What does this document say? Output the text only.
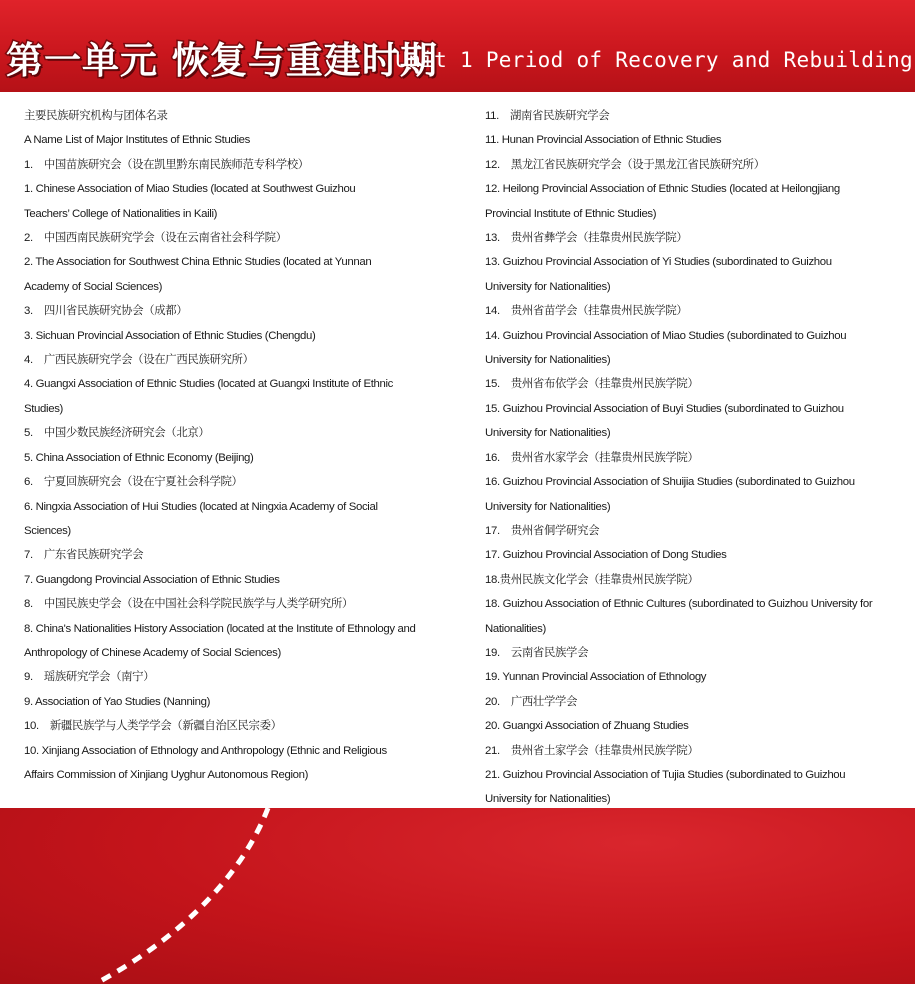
第一单元 恢复与重建时期
Unit 1 Period of Recovery and Rebuilding
主要民族研究机构与团体名录
A Name List of Major Institutes of Ethnic Studies
1.　中国苗族研究会（设在凯里黔东南民族师范专科学校）
1. Chinese Association of Miao Studies (located at Southwest Guizhou
Teachers’ College of Nationalities in Kaili)
2.　中国西南民族研究学会（设在云南省社会科学院）
2. The Association for Southwest China Ethnic Studies (located at Yunnan
Academy of Social Sciences)
3.　四川省民族研究协会（成都）
3. Sichuan Provincial Association of Ethnic Studies (Chengdu)
4.　广西民族研究学会（设在广西民族研究所）
4. Guangxi Association of Ethnic Studies (located at Guangxi Institute of Ethnic
Studies)
5.　中国少数民族经济研究会（北京）
5. China Association of Ethnic Economy (Beijing)
6.　宁夏回族研究会（设在宁夏社会科学院）
6. Ningxia Association of Hui Studies (located at Ningxia Academy of Social
Sciences)
7.　广东省民族研究学会
7. Guangdong Provincial Association of Ethnic Studies
8.　中国民族史学会（设在中国社会科学院民族学与人类学研究所）
8. China's Nationalities History Association (located at the Institute of Ethnology and
Anthropology of Chinese Academy of Social Sciences)
9.　瑶族研究学会（南宁）
9. Association of Yao Studies (Nanning)
10.　新疆民族学与人类学学会（新疆自治区民宗委）
10. Xinjiang Association of Ethnology and Anthropology (Ethnic and Religious
Affairs Commission of Xinjiang Uyghur Autonomous Region)
11.　湖南省民族研究学会
11. Hunan Provincial Association of Ethnic Studies
12.　黑龙江省民族研究学会（设于黑龙江省民族研究所）
12. Heilong Provincial Association of Ethnic Studies (located at Heilongjiang
Provincial Institute of Ethnic Studies)
13.　贵州省彝学会（挂靠贵州民族学院）
13. Guizhou Provincial Association of Yi Studies (subordinated to Guizhou
University for Nationalities)
14.　贵州省苗学会（挂靠贵州民族学院）
14. Guizhou Provincial Association of Miao Studies (subordinated to Guizhou
University for Nationalities)
15.　贵州省布依学会（挂靠贵州民族学院）
15. Guizhou Provincial Association of Buyi Studies (subordinated to Guizhou
University for Nationalities)
16.　贵州省水家学会（挂靠贵州民族学院）
16. Guizhou Provincial Association of Shuijia Studies (subordinated to Guizhou
University for Nationalities)
17.　贵州省侗学研究会
17. Guizhou Provincial Association of Dong Studies
18.贵州民族文化学会（挂靠贵州民族学院）
18. Guizhou Association of Ethnic Cultures (subordinated to Guizhou University for
Nationalities)
19.　云南省民族学会
19. Yunnan Provincial Association of Ethnology
20.　广西壮学学会
20. Guangxi Association of Zhuang Studies
21.　贵州省土家学会（挂靠贵州民族学院）
21. Guizhou Provincial Association of Tujia Studies (subordinated to Guizhou
University for Nationalities)
